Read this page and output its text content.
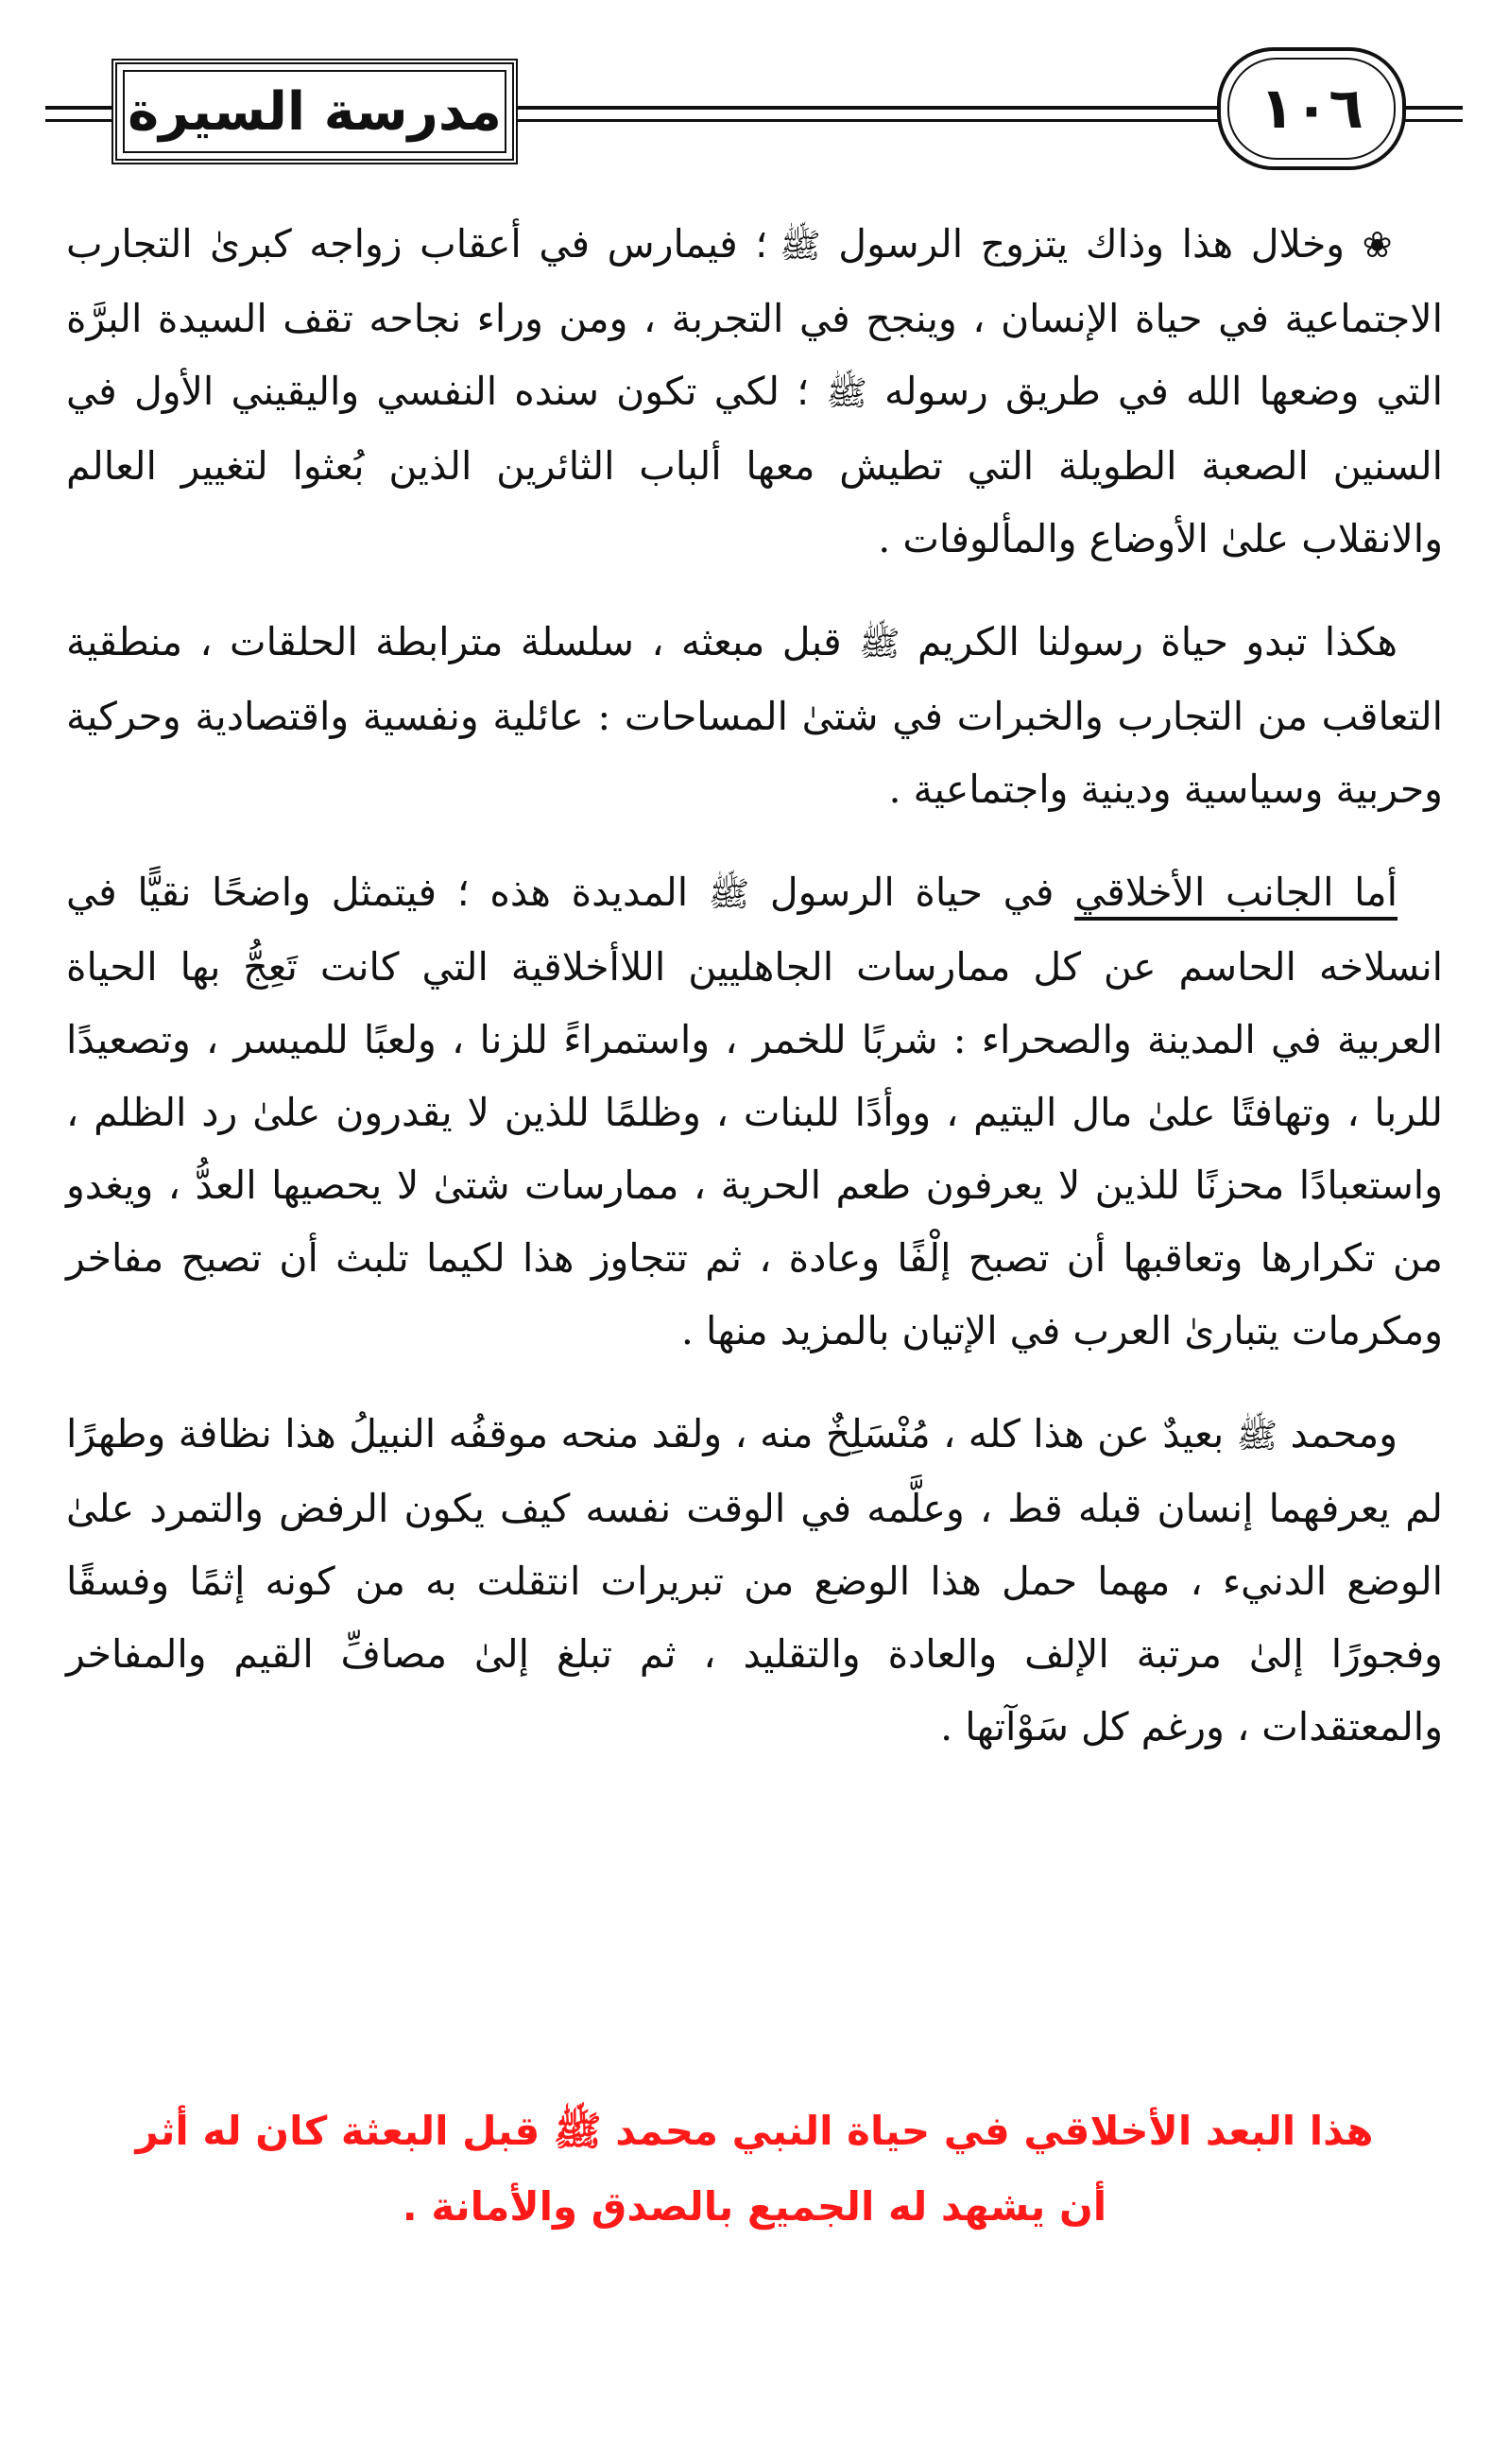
مدرسة السيرة	١٠٦

❀ وخلال هذا وذاك يتزوج الرسول ﷺ ؛ فيمارس في أعقاب زواجه كبرىٰ التجارب الاجتماعية في حياة الإنسان ، وينجح في التجربة ، ومن وراء نجاحه تقف السيدة البرَّة التي وضعها الله في طريق رسوله ﷺ ؛ لكي تكون سنده النفسي واليقيني الأول في السنين الصعبة الطويلة التي تطيش معها ألباب الثائرين الذين بُعثوا لتغيير العالم والانقلاب علىٰ الأوضاع والمألوفات .

هكذا تبدو حياة رسولنا الكريم ﷺ قبل مبعثه ، سلسلة مترابطة الحلقات ، منطقية التعاقب من التجارب والخبرات في شتىٰ المساحات : عائلية ونفسية واقتصادية وحركية وحربية وسياسية ودينية واجتماعية .

أما الجانب الأخلاقي في حياة الرسول ﷺ المديدة هذه ؛ فيتمثل واضحًا نقيًّا في انسلاخه الحاسم عن كل ممارسات الجاهليين اللاأخلاقية التي كانت تَعِجُّ بها الحياة العربية في المدينة والصحراء : شربًا للخمر ، واستمراءً للزنا ، ولعبًا للميسر ، وتصعيدًا للربا ، وتهافتًا علىٰ مال اليتيم ، ووأدًا للبنات ، وظلمًا للذين لا يقدرون علىٰ رد الظلم ، واستعبادًا محزنًا للذين لا يعرفون طعم الحرية ، ممارسات شتىٰ لا يحصيها العدُّ ، ويغدو من تكرارها وتعاقبها أن تصبح إلْفًا وعادة ، ثم تتجاوز هذا لكيما تلبث أن تصبح مفاخر ومكرمات يتبارىٰ العرب في الإتيان بالمزيد منها .

ومحمد ﷺ بعيدٌ عن هذا كله ، مُنْسَلِخٌ منه ، ولقد منحه موقفُه النبيلُ هذا نظافة وطهرًا لم يعرفهما إنسان قبله قط ، وعلَّمه في الوقت نفسه كيف يكون الرفض والتمرد علىٰ الوضع الدنيء ، مهما حمل هذا الوضع من تبريرات انتقلت به من كونه إثمًا وفسقًا وفجورًا إلىٰ مرتبة الإلف والعادة والتقليد ، ثم تبلغ إلىٰ مصافِّ القيم والمفاخر والمعتقدات ، ورغم كل سَوْآتها .

هذا البعد الأخلاقي في حياة النبي محمد ﷺ قبل البعثة كان له أثر
أن يشهد له الجميع بالصدق والأمانة .
